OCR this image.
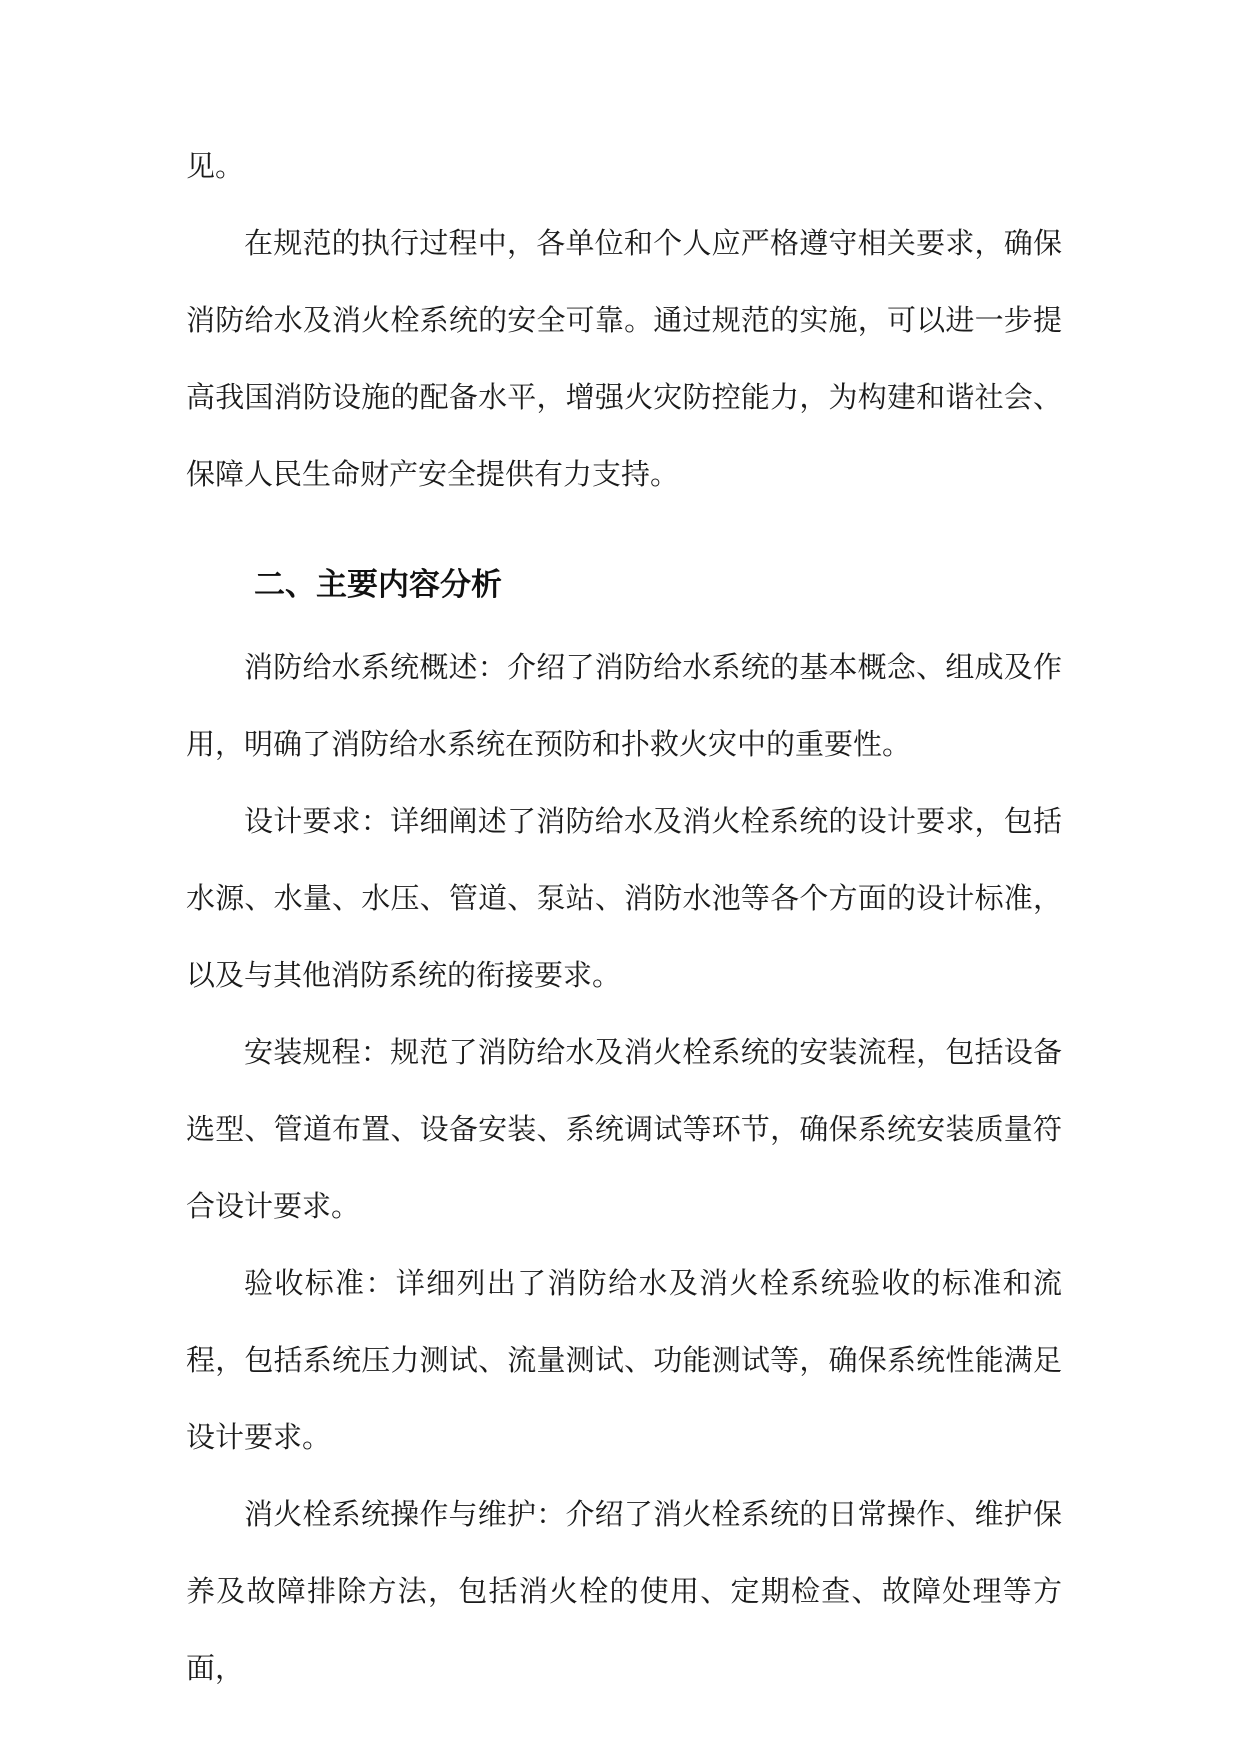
见。

在规范的执行过程中，各单位和个人应严格遵守相关要求，确保消防给水及消火栓系统的安全可靠。通过规范的实施，可以进一步提高我国消防设施的配备水平，增强火灾防控能力，为构建和谐社会、保障人民生命财产安全提供有力支持。

二、主要内容分析

消防给水系统概述：介绍了消防给水系统的基本概念、组成及作用，明确了消防给水系统在预防和扑救火灾中的重要性。

设计要求：详细阐述了消防给水及消火栓系统的设计要求，包括水源、水量、水压、管道、泵站、消防水池等各个方面的设计标准，以及与其他消防系统的衔接要求。

安装规程：规范了消防给水及消火栓系统的安装流程，包括设备选型、管道布置、设备安装、系统调试等环节，确保系统安装质量符合设计要求。

验收标准：详细列出了消防给水及消火栓系统验收的标准和流程，包括系统压力测试、流量测试、功能测试等，确保系统性能满足设计要求。

消火栓系统操作与维护：介绍了消火栓系统的日常操作、维护保养及故障排除方法，包括消火栓的使用、定期检查、故障处理等方面，
